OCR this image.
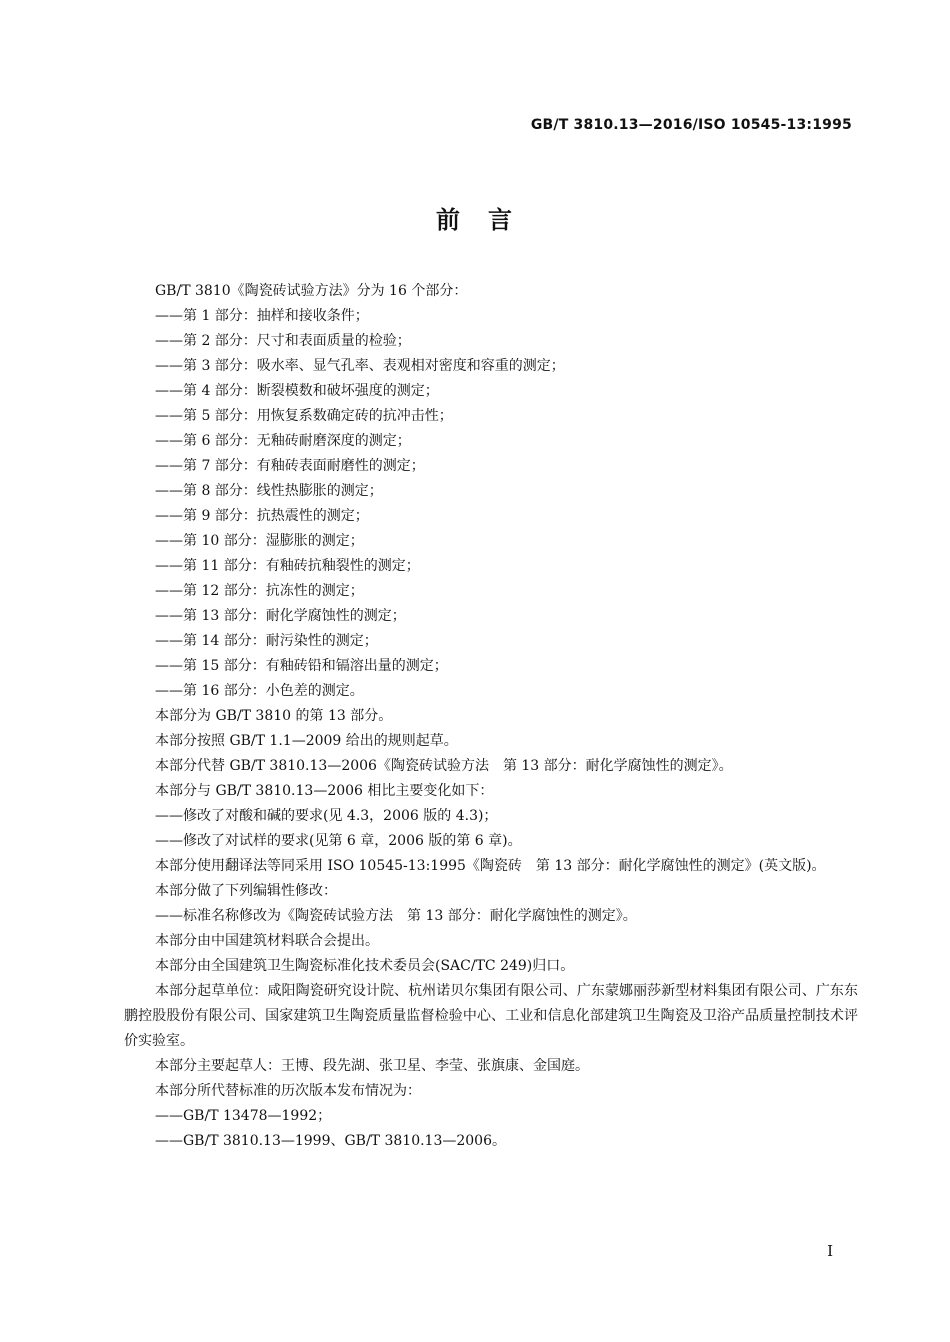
GB/T 3810.13—2016/ISO 10545-13:1995
前　言
GB/T 3810《陶瓷砖试验方法》分为 16 个部分：
——第 1 部分：抽样和接收条件；
——第 2 部分：尺寸和表面质量的检验；
——第 3 部分：吸水率、显气孔率、表观相对密度和容重的测定；
——第 4 部分：断裂模数和破坏强度的测定；
——第 5 部分：用恢复系数确定砖的抗冲击性；
——第 6 部分：无釉砖耐磨深度的测定；
——第 7 部分：有釉砖表面耐磨性的测定；
——第 8 部分：线性热膨胀的测定；
——第 9 部分：抗热震性的测定；
——第 10 部分：湿膨胀的测定；
——第 11 部分：有釉砖抗釉裂性的测定；
——第 12 部分：抗冻性的测定；
——第 13 部分：耐化学腐蚀性的测定；
——第 14 部分：耐污染性的测定；
——第 15 部分：有釉砖铅和镉溶出量的测定；
——第 16 部分：小色差的测定。
本部分为 GB/T 3810 的第 13 部分。
本部分按照 GB/T 1.1—2009 给出的规则起草。
本部分代替 GB/T 3810.13—2006《陶瓷砖试验方法　第 13 部分：耐化学腐蚀性的测定》。
本部分与 GB/T 3810.13—2006 相比主要变化如下：
——修改了对酸和碱的要求(见 4.3，2006 版的 4.3)；
——修改了对试样的要求(见第 6 章，2006 版的第 6 章)。
本部分使用翻译法等同采用 ISO 10545-13:1995《陶瓷砖　第 13 部分：耐化学腐蚀性的测定》(英文版)。
本部分做了下列编辑性修改：
——标准名称修改为《陶瓷砖试验方法　第 13 部分：耐化学腐蚀性的测定》。
本部分由中国建筑材料联合会提出。
本部分由全国建筑卫生陶瓷标准化技术委员会(SAC/TC 249)归口。
本部分起草单位：咸阳陶瓷研究设计院、杭州诺贝尔集团有限公司、广东蒙娜丽莎新型材料集团有限公司、广东东鹏控股股份有限公司、国家建筑卫生陶瓷质量监督检验中心、工业和信息化部建筑卫生陶瓷及卫浴产品质量控制技术评价实验室。
本部分主要起草人：王博、段先湖、张卫星、李莹、张旗康、金国庭。
本部分所代替标准的历次版本发布情况为：
——GB/T 13478—1992；
——GB/T 3810.13—1999、GB/T 3810.13—2006。
I
